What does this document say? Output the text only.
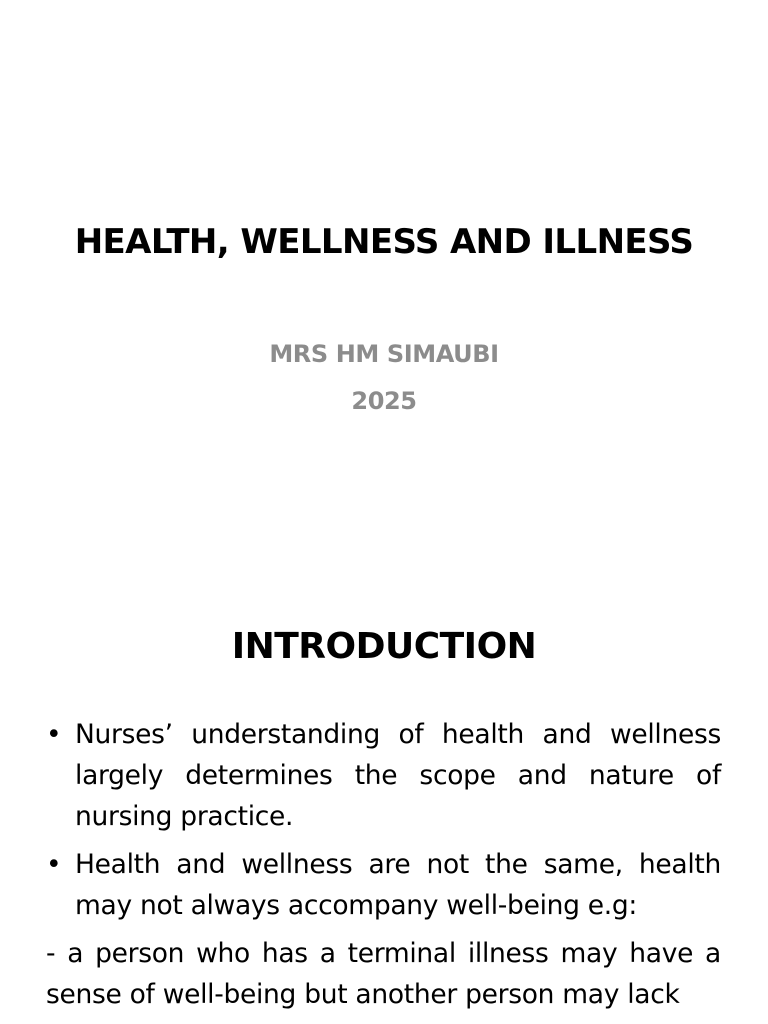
HEALTH, WELLNESS AND ILLNESS
MRS HM SIMAUBI
2025
INTRODUCTION
• Nurses’ understanding of health and wellness largely determines the scope and nature of nursing practice.
• Health and wellness are not the same, health may not always accompany well-being e.g:
- a person who has a terminal illness may have a sense of well-being but another person may lack
